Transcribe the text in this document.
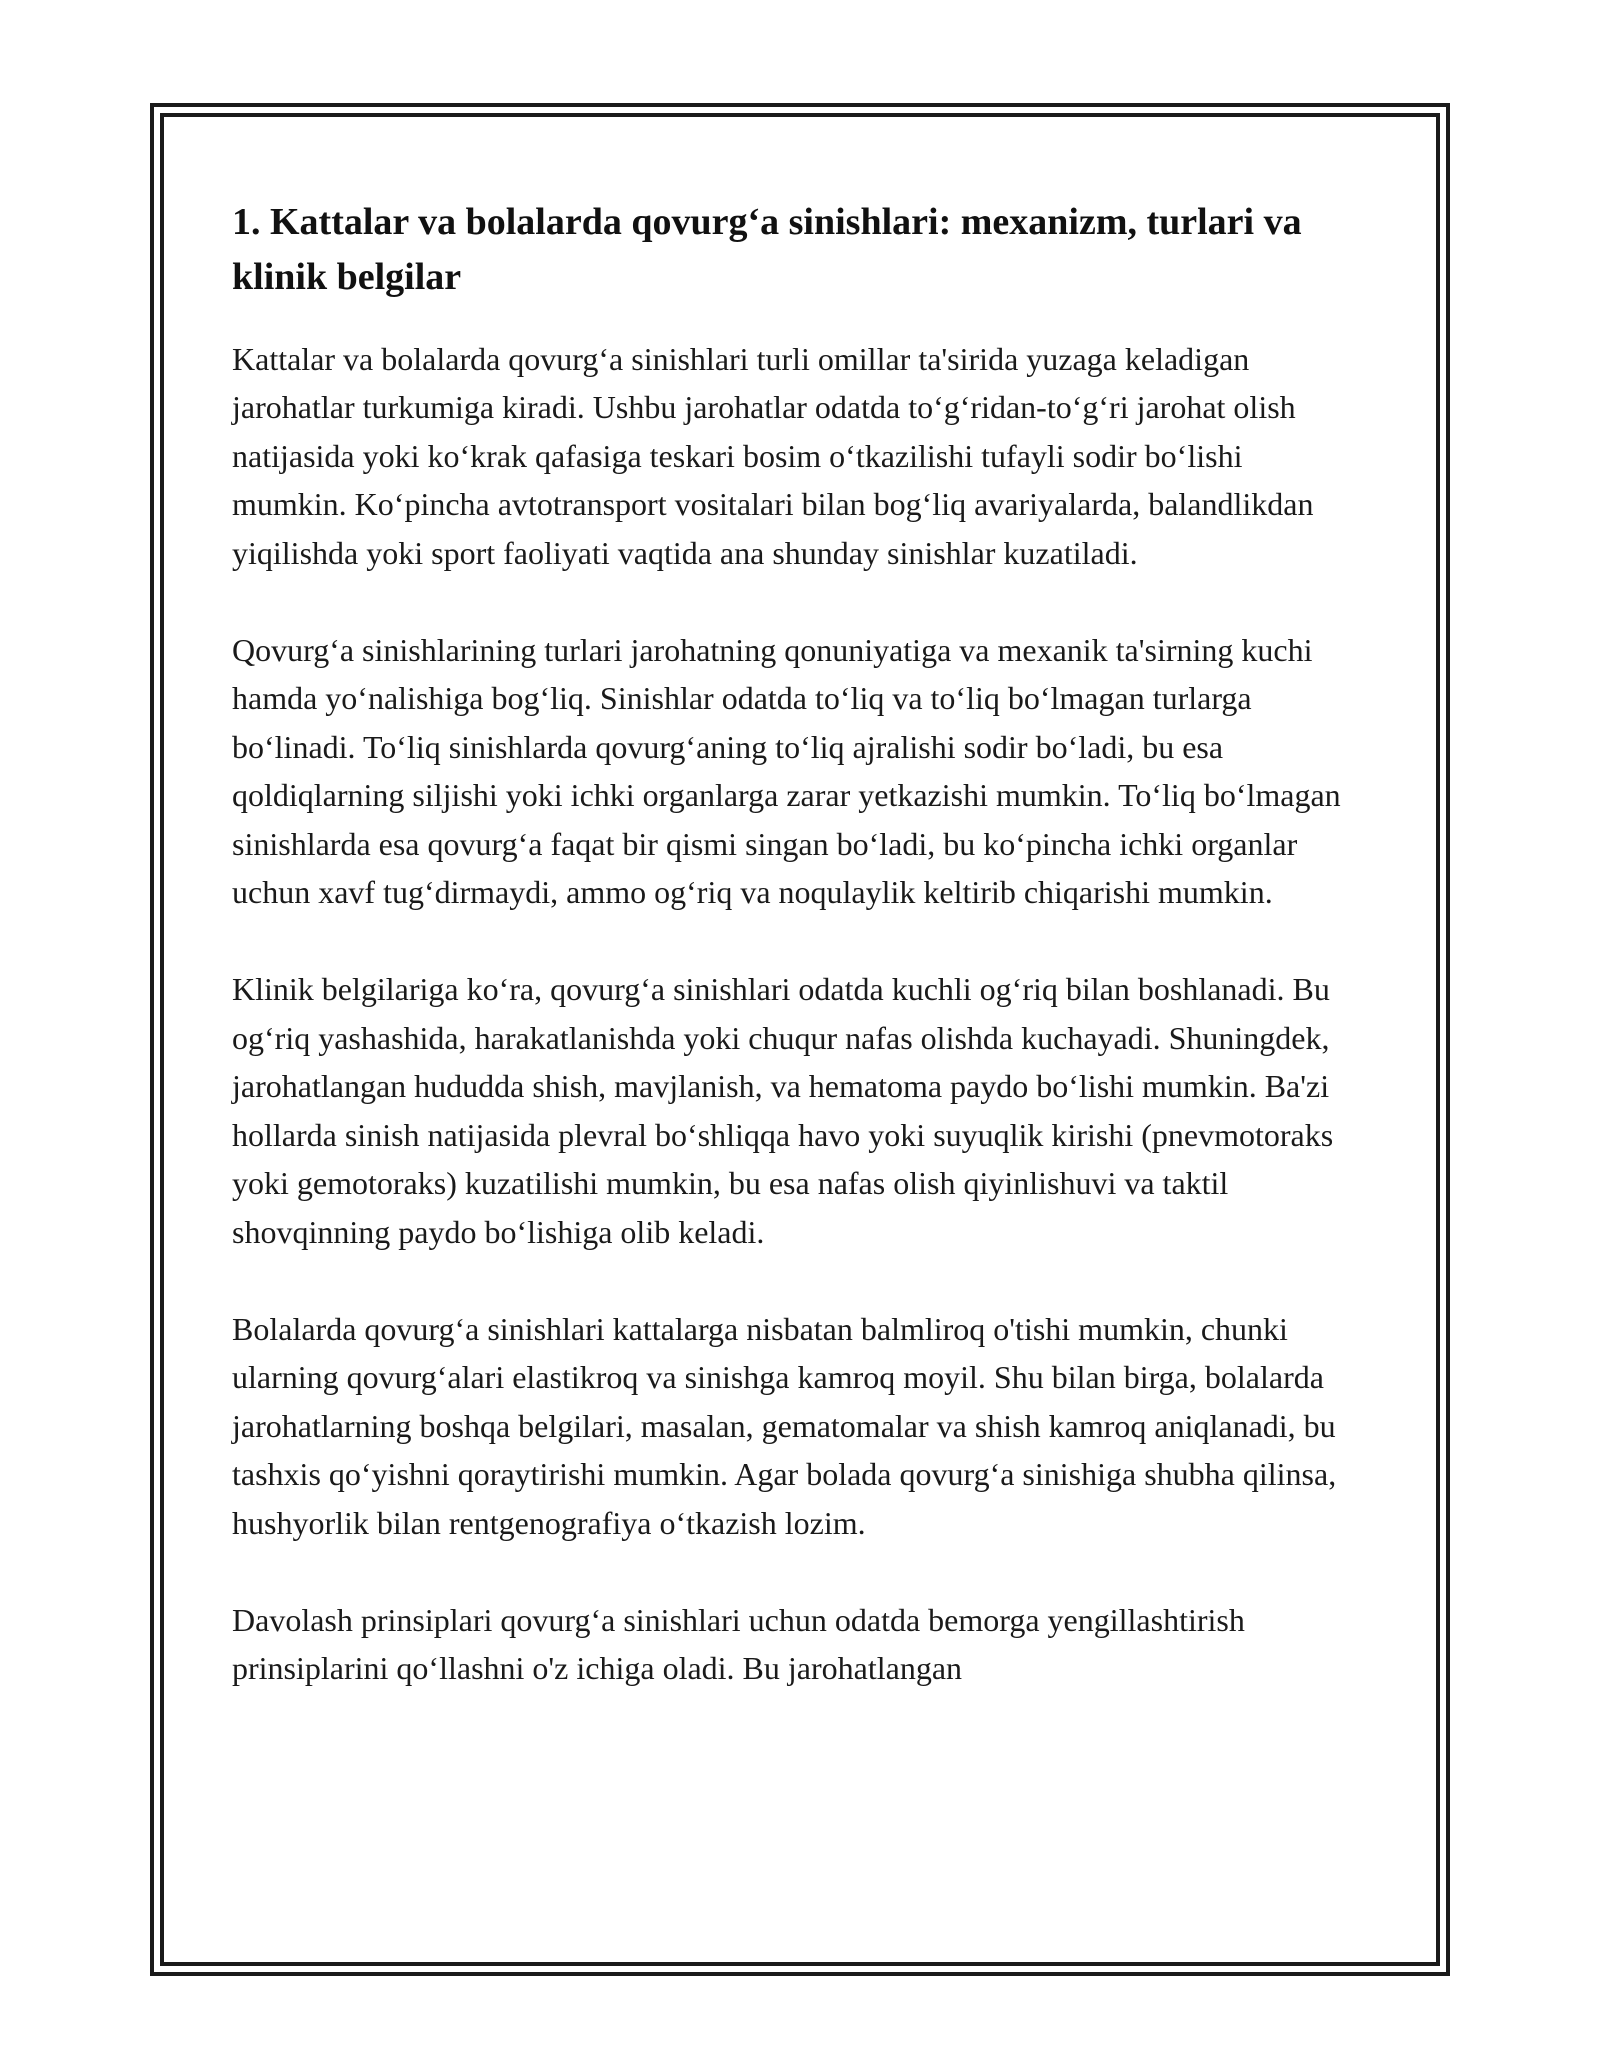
1. Kattalar va bolalarda qovurg‘a sinishlari: mexanizm, turlari va klinik belgilar

Kattalar va bolalarda qovurg‘a sinishlari turli omillar ta'sirida yuzaga keladigan jarohatlar turkumiga kiradi. Ushbu jarohatlar odatda to‘g‘ridan-to‘g‘ri jarohat olish natijasida yoki ko‘krak qafasiga teskari bosim o‘tkazilishi tufayli sodir bo‘lishi mumkin. Ko‘pincha avtotransport vositalari bilan bog‘liq avariyalarda, balandlikdan yiqilishda yoki sport faoliyati vaqtida ana shunday sinishlar kuzatiladi.

Qovurg‘a sinishlarining turlari jarohatning qonuniyatiga va mexanik ta'sirning kuchi hamda yo‘nalishiga bog‘liq. Sinishlar odatda to‘liq va to‘liq bo‘lmagan turlarga bo‘linadi. To‘liq sinishlarda qovurg‘aning to‘liq ajralishi sodir bo‘ladi, bu esa qoldiqlarning siljishi yoki ichki organlarga zarar yetkazishi mumkin. To‘liq bo‘lmagan sinishlarda esa qovurg‘a faqat bir qismi singan bo‘ladi, bu ko‘pincha ichki organlar uchun xavf tug‘dirmaydi, ammo og‘riq va noqulaylik keltirib chiqarishi mumkin.

Klinik belgilariga ko‘ra, qovurg‘a sinishlari odatda kuchli og‘riq bilan boshlanadi. Bu og‘riq yashashida, harakatlanishda yoki chuqur nafas olishda kuchayadi. Shuningdek, jarohatlangan hududda shish, mavjlanish, va hematoma paydo bo‘lishi mumkin. Ba'zi hollarda sinish natijasida plevral bo‘shliqqa havo yoki suyuqlik kirishi (pnevmotoraks yoki gemotoraks) kuzatilishi mumkin, bu esa nafas olish qiyinlishuvi va taktil shovqinning paydo bo‘lishiga olib keladi.

Bolalarda qovurg‘a sinishlari kattalarga nisbatan balmliroq o'tishi mumkin, chunki ularning qovurg‘alari elastikroq va sinishga kamroq moyil. Shu bilan birga, bolalarda jarohatlarning boshqa belgilari, masalan, gematomalar va shish kamroq aniqlanadi, bu tashxis qo‘yishni qoraytirishi mumkin. Agar bolada qovurg‘a sinishiga shubha qilinsa, hushyorlik bilan rentgenografiya o‘tkazish lozim.

Davolash prinsiplari qovurg‘a sinishlari uchun odatda bemorga yengillashtirish prinsiplarini qo‘llashni o'z ichiga oladi. Bu jarohatlangan
